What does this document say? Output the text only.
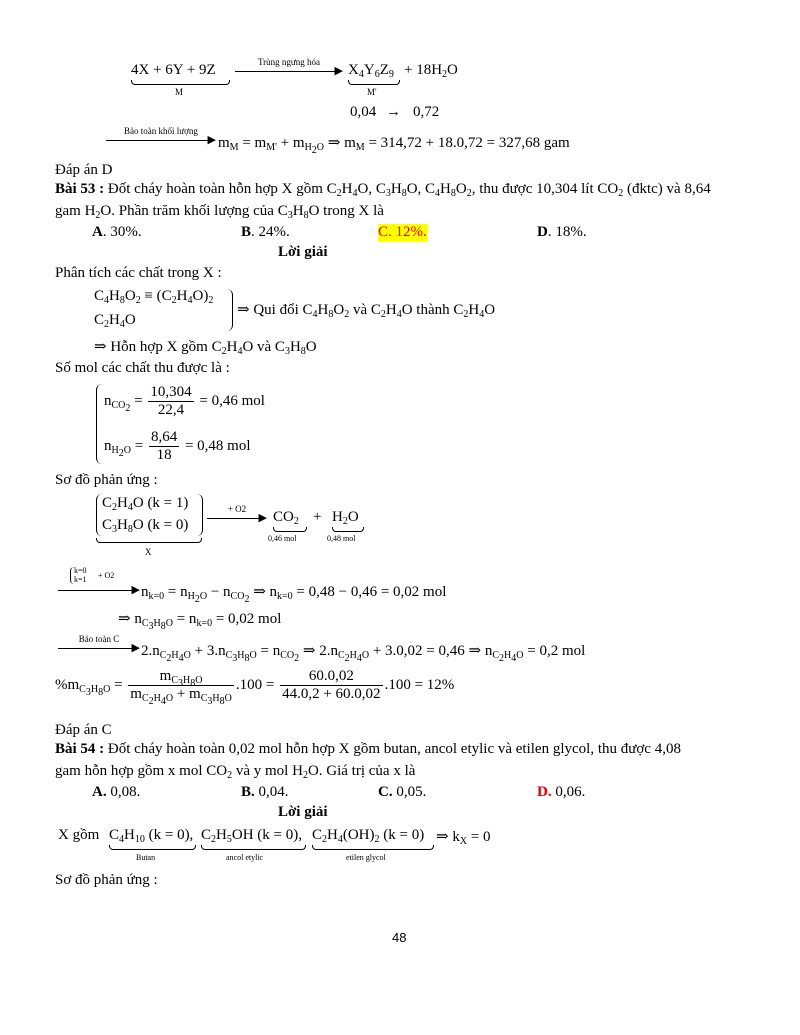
4X + 6Y + 9Z
M
Trùng ngưng hóa
▶ $X_4Y_6Z_9$
M'
+ $18H_2O$
0,04 → 0,72
Bảo toàn khối lượng
▶ $m_M = m_{M'} + m_{H_2O}$ ⇒ $m_M = 314,72 + 18.0,72 = 327,68$ gam
Đáp án D
Bài 53 : Đốt cháy hoàn toàn hỗn hợp X gồm $C_2H_4O$, $C_3H_8O$, $C_4H_8O_2$, thu được 10,304 lít $CO_2$ (đktc) và 8,64
gam $H_2O$. Phần trăm khối lượng của $C_3H_8O$ trong X là
A. 30%.	B. 24%.	C. 12%.	D. 18%.
Lời giải
Phân tích các chất trong X :
$C_4H_8O_2 \equiv (C_2H_4O)_2$
$C_2H_4O$
⇒ Qui đổi $C_4H_8O_2$ và $C_2H_4O$ thành $C_2H_4O$
⇒ Hỗn hợp X gồm $C_2H_4O$ và $C_3H_8O$
Số mol các chất thu được là :
$n_{CO_2} = \frac{10,304}{22,4} = 0,46$ mol
$n_{H_2O} = \frac{8,64}{18} = 0,48$ mol
Sơ đồ phản ứng :
$C_2H_4O$ (k = 1)
$C_3H_8O$ (k = 0)
X
+ O2
▶ $CO_2$
0,46 mol
+ $H_2O$
0,48 mol
k=0
k=1 + O2
▶ $n_{k=0} = n_{H_2O} - n_{CO_2}$ ⇒ $n_{k=0} = 0,48 - 0,46 = 0,02$ mol
⇒ $n_{C_3H_8O} = n_{k=0} = 0,02$ mol
Bảo toàn C
▶ $2.n_{C_2H_4O} + 3.n_{C_3H_8O} = n_{CO_2}$ ⇒ $2.n_{C_2H_4O} + 3.0,02 = 0,46$ ⇒ $n_{C_2H_4O} = 0,2$ mol
$\%m_{C_3H_8O} = \frac{m_{C_3H_8O}}{m_{C_2H_4O} + m_{C_3H_8O}} .100 = \frac{60.0,02}{44.0,2 + 60.0,02} .100 = 12\%$
Đáp án C
Bài 54 : Đốt cháy hoàn toàn 0,02 mol hỗn hợp X gồm butan, ancol etylic và etilen glycol, thu được 4,08
gam hỗn hợp gồm x mol $CO_2$ và y mol $H_2O$. Giá trị của x là
A. 0,08.	B. 0,04.	C. 0,05.	D. 0,06.
Lời giải
X gồm $C_4H_{10}$ (k = 0),
Butan
$C_2H_5OH$ (k = 0),
ancol etylic
$C_2H_4(OH)_2$ (k = 0)
etilen glycol
⇒ $k_X = 0$
Sơ đồ phản ứng :
48
